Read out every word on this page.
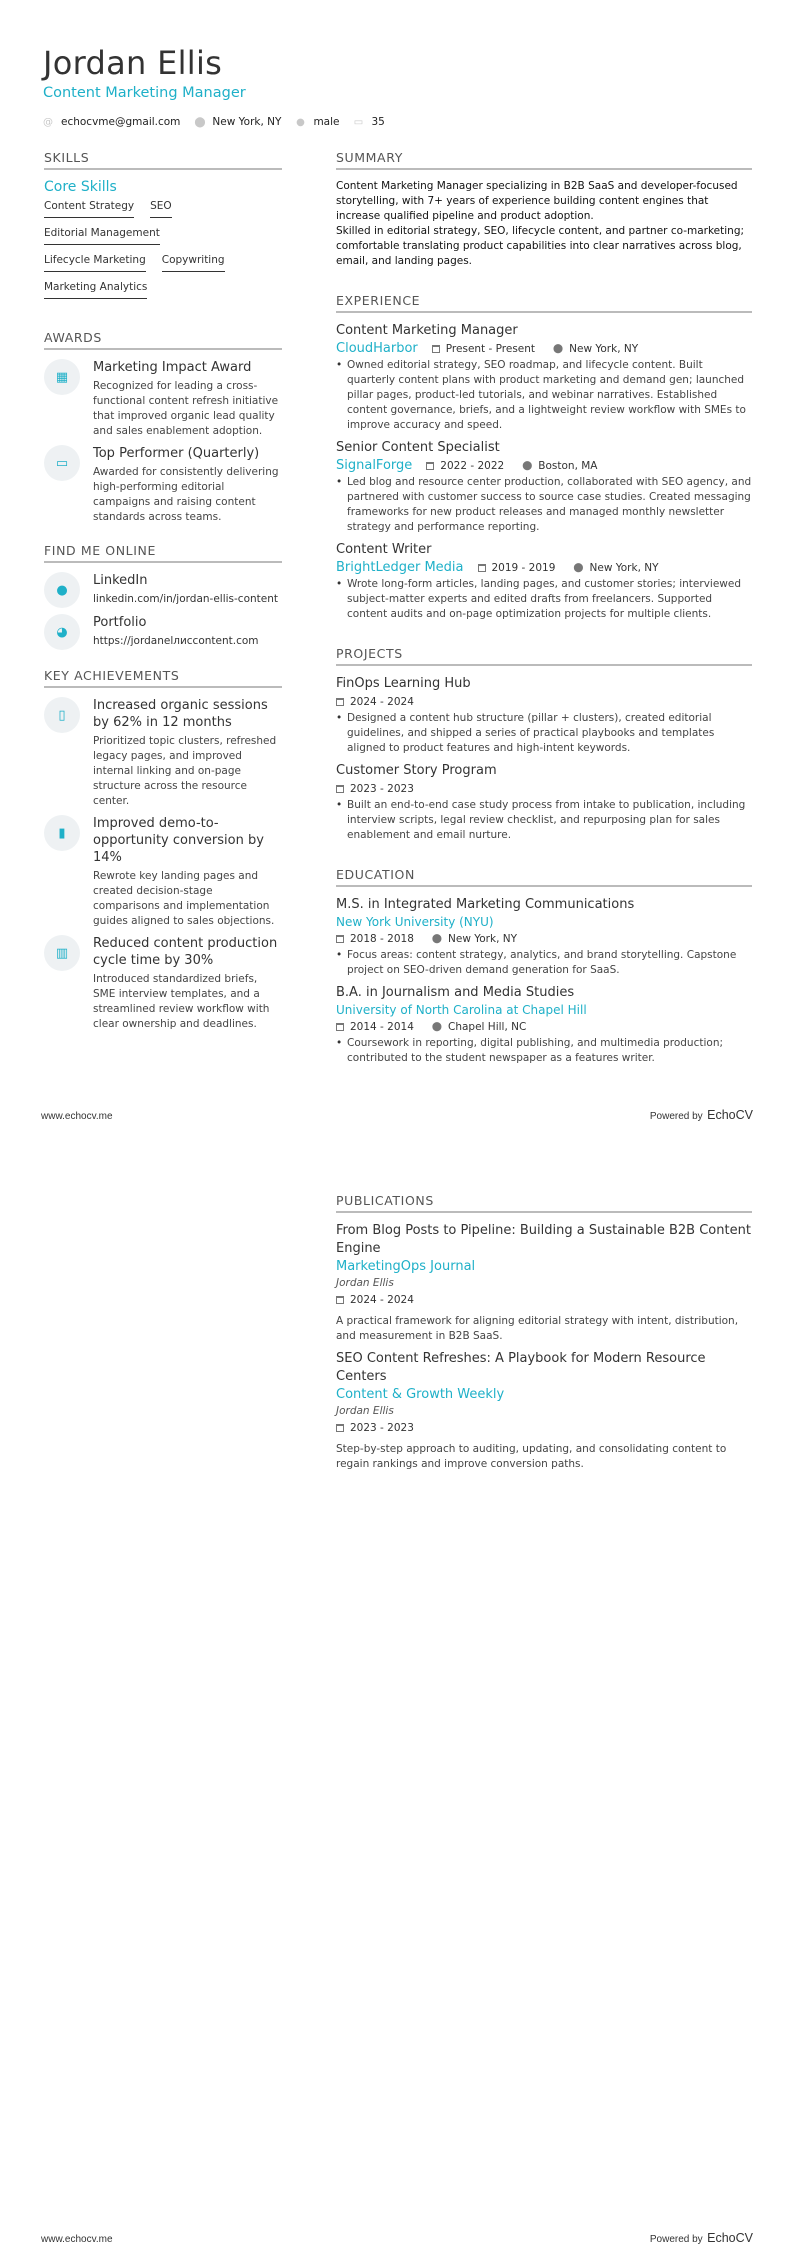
Jordan Ellis
Content Marketing Manager
@ echocvme@gmail.com ⬤ New York, NY ● male ▭ 35
SKILLS
Core Skills
Content Strategy SEO
Editorial Management
Lifecycle Marketing Copywriting
Marketing Analytics
AWARDS
▦
Marketing Impact Award
Recognized for leading a cross-functional content refresh initiative that improved organic lead quality and sales enablement adoption.
▭
Top Performer (Quarterly)
Awarded for consistently delivering high-performing editorial campaigns and raising content standards across teams.
FIND ME ONLINE
●
LinkedIn
linkedin.com/in/jordan-ellis-content
◕
Portfolio
https://jordanelлисcontent.com
KEY ACHIEVEMENTS
▯
Increased organic sessions by 62% in 12 months
Prioritized topic clusters, refreshed legacy pages, and improved internal linking and on-page structure across the resource center.
▮
Improved demo-to-opportunity conversion by 14%
Rewrote key landing pages and created decision-stage comparisons and implementation guides aligned to sales objections.
▥
Reduced content production cycle time by 30%
Introduced standardized briefs, SME interview templates, and a streamlined review workflow with clear ownership and deadlines.
SUMMARY

Content Marketing Manager specializing in B2B SaaS and developer-focused storytelling, with 7+ years of experience building content engines that increase qualified pipeline and product adoption.

Skilled in editorial strategy, SEO, lifecycle content, and partner co-marketing; comfortable translating product capabilities into clear narratives across blog, email, and landing pages.

EXPERIENCE
Content Marketing Manager
CloudHarbor	Present - Present ⬤ New York, NY
• Owned editorial strategy, SEO roadmap, and lifecycle content. Built quarterly content plans with product marketing and demand gen; launched pillar pages, product-led tutorials, and webinar narratives. Established content governance, briefs, and a lightweight review workflow with SMEs to improve accuracy and speed.
Senior Content Specialist
SignalForge	2022 - 2022 ⬤ Boston, MA
• Led blog and resource center production, collaborated with SEO agency, and partnered with customer success to source case studies. Created messaging frameworks for new product releases and managed monthly newsletter strategy and performance reporting.
Content Writer
BrightLedger Media	2019 - 2019 ⬤ New York, NY
• Wrote long-form articles, landing pages, and customer stories; interviewed subject-matter experts and edited drafts from freelancers. Supported content audits and on-page optimization projects for multiple clients.
PROJECTS
FinOps Learning Hub
2024 - 2024
• Designed a content hub structure (pillar + clusters), created editorial guidelines, and shipped a series of practical playbooks and templates aligned to product features and high-intent keywords.
Customer Story Program
2023 - 2023
• Built an end-to-end case study process from intake to publication, including interview scripts, legal review checklist, and repurposing plan for sales enablement and email nurture.
EDUCATION
M.S. in Integrated Marketing Communications
New York University (NYU)
2018 - 2018 ⬤ New York, NY
• Focus areas: content strategy, analytics, and brand storytelling. Capstone project on SEO-driven demand generation for SaaS.
B.A. in Journalism and Media Studies
University of North Carolina at Chapel Hill
2014 - 2014 ⬤ Chapel Hill, NC
• Coursework in reporting, digital publishing, and multimedia production; contributed to the student newspaper as a features writer.
www.echocv.me	Powered by EchoCV
PUBLICATIONS
From Blog Posts to Pipeline: Building a Sustainable B2B Content Engine
MarketingOps Journal
Jordan Ellis
2024 - 2024
A practical framework for aligning editorial strategy with intent, distribution, and measurement in B2B SaaS.
SEO Content Refreshes: A Playbook for Modern Resource Centers
Content & Growth Weekly
Jordan Ellis
2023 - 2023
Step-by-step approach to auditing, updating, and consolidating content to regain rankings and improve conversion paths.
www.echocv.me	Powered by EchoCV
